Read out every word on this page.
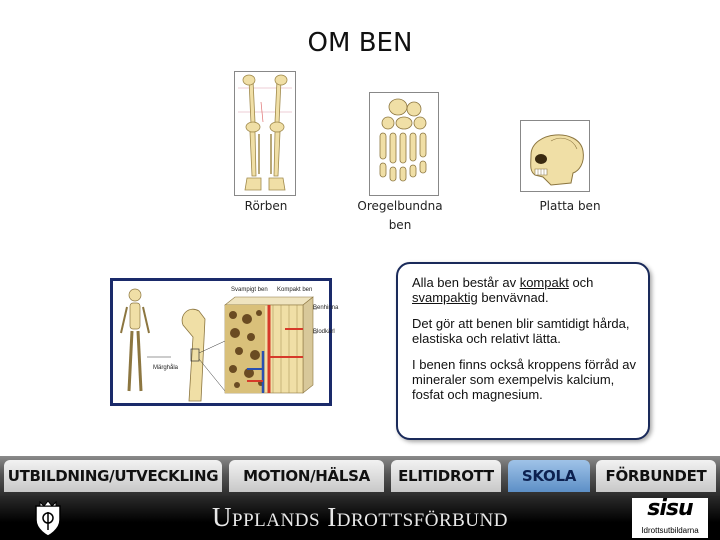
OM BEN
Rörben	Oregelbundna
ben
Platta ben
Svampigt ben Kompakt ben
Benhinna
Blodkärl
Märghåla

Alla ben består av kompakt och
svampaktig benvävnad.

Det gör att benen blir samtidigt hårda, elastiska och relativt lätta.

I benen finns också kroppens förråd av mineraler som exempelvis kalcium, fosfat och magnesium.

UTBILDNING/UTVECKLING	MOTION/HÄLSA	ELITIDROTT	SKOLA	FÖRBUNDET
Upplands Idrottsförbund	sisu
Idrottsutbildarna
